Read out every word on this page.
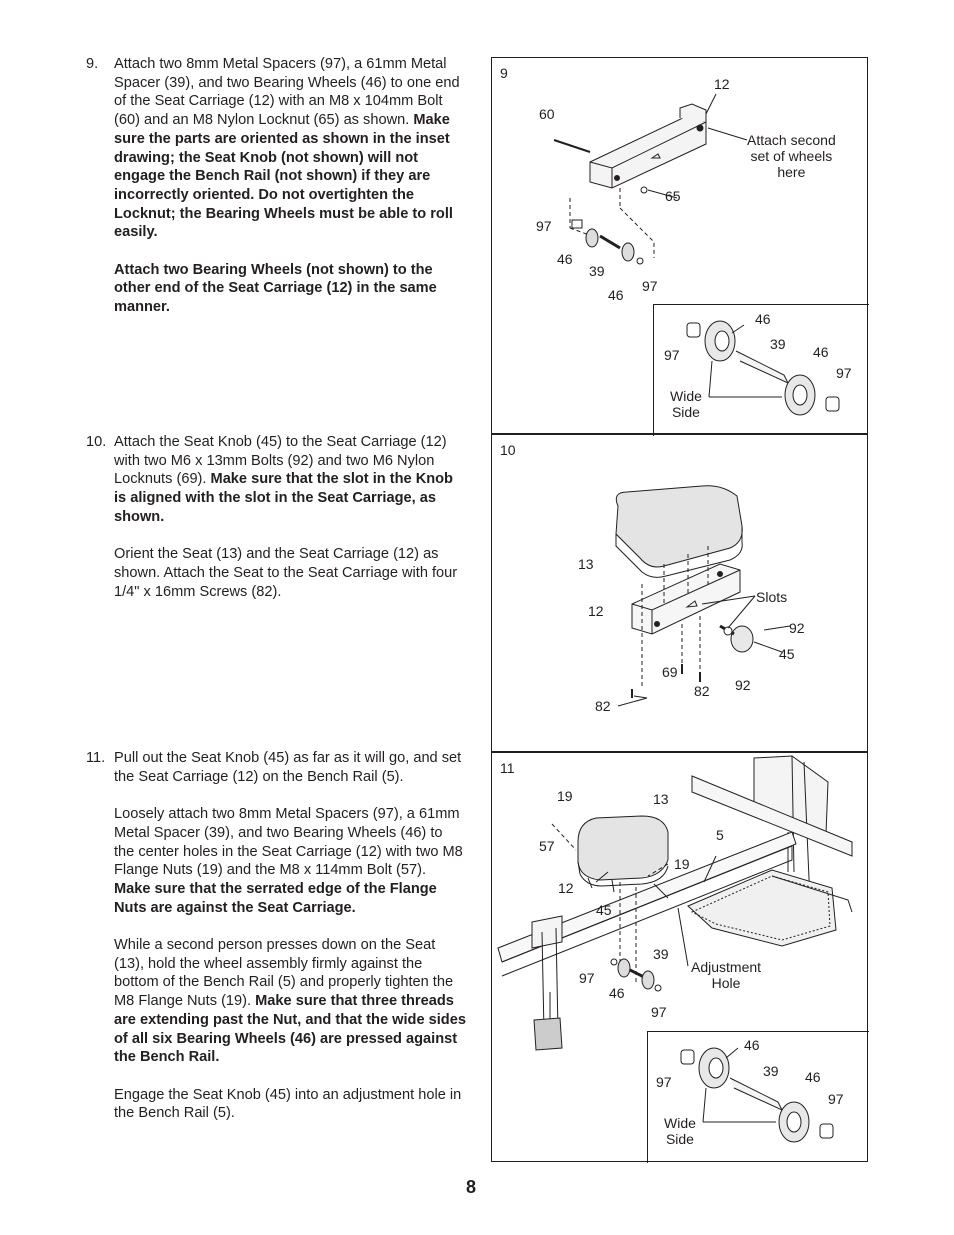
9. Attach two 8mm Metal Spacers (97), a 61mm Metal Spacer (39), and two Bearing Wheels (46) to one end of the Seat Carriage (12) with an M8 x 104mm Bolt (60) and an M8 Nylon Locknut (65) as shown. Make sure the parts are oriented as shown in the inset drawing; the Seat Knob (not shown) will not engage the Bench Rail (not shown) if they are incorrectly oriented. Do not overtighten the Locknut; the Bearing Wheels must be able to roll easily.

Attach two Bearing Wheels (not shown) to the other end of the Seat Carriage (12) in the same manner.

10. Attach the Seat Knob (45) to the Seat Carriage (12) with two M6 x 13mm Bolts (92) and two M6 Nylon Locknuts (69). Make sure that the slot in the Knob is aligned with the slot in the Seat Carriage, as shown.

Orient the Seat (13) and the Seat Carriage (12) as shown. Attach the Seat to the Seat Carriage with four 1/4" x 16mm Screws (82).

11. Pull out the Seat Knob (45) as far as it will go, and set the Seat Carriage (12) on the Bench Rail (5).

Loosely attach two 8mm Metal Spacers (97), a 61mm Metal Spacer (39), and two Bearing Wheels (46) to the center holes in the Seat Carriage (12) with two M8 Flange Nuts (19) and the M8 x 114mm Bolt (57). Make sure that the serrated edge of the Flange Nuts are against the Seat Carriage.

While a second person presses down on the Seat (13), hold the wheel assembly firmly against the bottom of the Bench Rail (5) and properly tighten the M8 Flange Nuts (19). Make sure that three threads are extending past the Nut, and that the wide sides of all six Bearing Wheels (46) are pressed against the Bench Rail.

Engage the Seat Knob (45) into an adjustment hole in the Bench Rail (5).

9
12
60
Attach second
set of wheels
here
65
97
46
39
46
97
46
39
97	46
97
Wide
Side
10
13
Slots
12
92
45
69
82 92
82
11
19	13
5
57
19
12
45
39
Adjustment
Hole
97
46
97
46
39
97	46
97
Wide
Side
8
